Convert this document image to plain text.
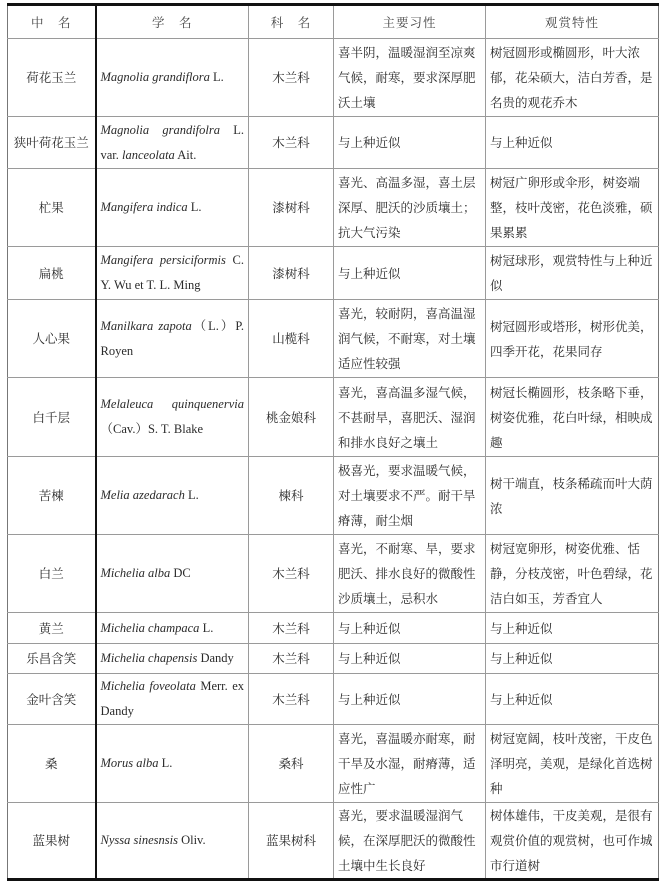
中　名	学　名	科　名	主要习性	观赏特性
荷花玉兰	Magnolia grandiflora L.	木兰科	喜半阴，温暖湿润至凉爽气候，耐寒，要求深厚肥沃土壤	树冠圆形或椭圆形，叶大浓郁，花朵硕大，洁白芳香，是名贵的观花乔木
狭叶荷花玉兰	Magnolia grandifolra L. var. lanceolata Ait.	木兰科	与上种近似	与上种近似
杧果	Mangifera indica L.	漆树科	喜光、高温多湿，喜土层深厚、肥沃的沙质壤土；抗大气污染	树冠广卵形或伞形，树姿端整，枝叶茂密，花色淡雅，硕果累累
扁桃	Mangifera persiciformis C. Y. Wu et T. L. Ming	漆树科	与上种近似	树冠球形，观赏特性与上种近似
人心果	Manilkara zapota（L.）P. Royen	山榄科	喜光，较耐阴，喜高温湿润气候，不耐寒，对土壤适应性较强	树冠圆形或塔形，树形优美，四季开花，花果同存
白千层	Melaleuca quinquenervia（Cav.）S. T. Blake	桃金娘科	喜光，喜高温多湿气候，不甚耐旱，喜肥沃、湿润和排水良好之壤土	树冠长椭圆形，枝条略下垂，树姿优雅，花白叶绿，相映成趣
苦楝	Melia azedarach L.	楝科	极喜光，要求温暖气候，对土壤要求不严。耐干旱瘠薄，耐尘烟	树干端直，枝条稀疏而叶大荫浓
白兰	Michelia alba DC	木兰科	喜光，不耐寒、旱，要求肥沃、排水良好的微酸性沙质壤土，忌积水	树冠宽卵形，树姿优雅、恬静，分枝茂密，叶色碧绿，花洁白如玉，芳香宜人
黄兰	Michelia champaca L.	木兰科	与上种近似	与上种近似
乐昌含笑	Michelia chapensis Dandy	木兰科	与上种近似	与上种近似
金叶含笑	Michelia foveolata Merr. ex Dandy	木兰科	与上种近似	与上种近似
桑	Morus alba L.	桑科	喜光，喜温暖亦耐寒，耐干旱及水湿，耐瘠薄，适应性广	树冠宽阔，枝叶茂密，干皮色泽明亮，美观，是绿化首选树种
蓝果树	Nyssa sinesnsis Oliv.	蓝果树科	喜光，要求温暖湿润气候，在深厚肥沃的微酸性土壤中生长良好	树体雄伟，干皮美观，是很有观赏价值的观赏树，也可作城市行道树
